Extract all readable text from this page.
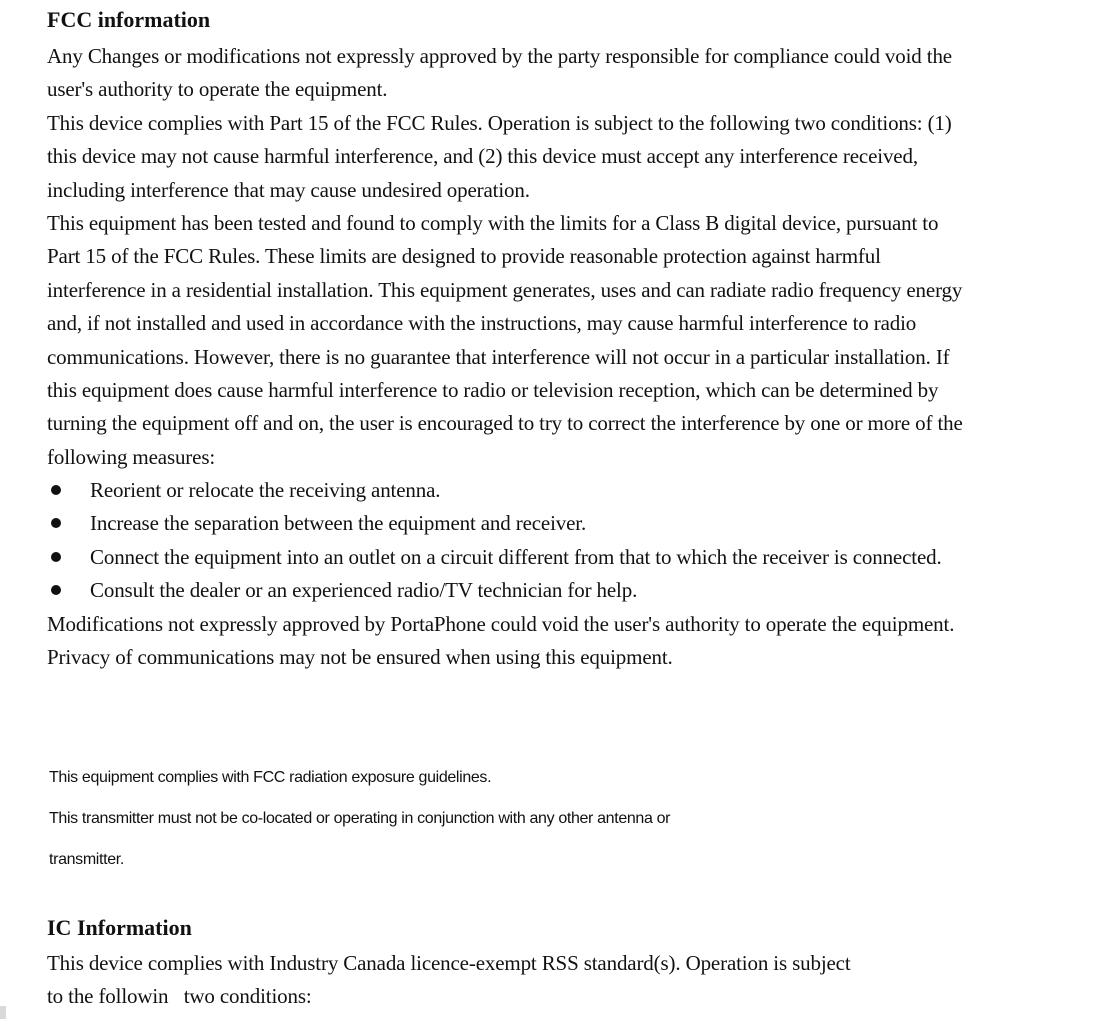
FCC information
Any Changes or modifications not expressly approved by the party responsible for compliance could void the
user's authority to operate the equipment.
This device complies with Part 15 of the FCC Rules. Operation is subject to the following two conditions: (1)
this device may not cause harmful interference, and (2) this device must accept any interference received,
including interference that may cause undesired operation.
This equipment has been tested and found to comply with the limits for a Class B digital device, pursuant to
Part 15 of the FCC Rules. These limits are designed to provide reasonable protection against harmful
interference in a residential installation. This equipment generates, uses and can radiate radio frequency energy
and, if not installed and used in accordance with the instructions, may cause harmful interference to radio
communications. However, there is no guarantee that interference will not occur in a particular installation. If
this equipment does cause harmful interference to radio or television reception, which can be determined by
turning the equipment off and on, the user is encouraged to try to correct the interference by one or more of the
following measures:
Reorient or relocate the receiving antenna.
Increase the separation between the equipment and receiver.
Connect the equipment into an outlet on a circuit different from that to which the receiver is connected.
Consult the dealer or an experienced radio/TV technician for help.
Modifications not expressly approved by PortaPhone could void the user's authority to operate the equipment.
Privacy of communications may not be ensured when using this equipment.
This equipment complies with FCC radiation exposure guidelines.
This transmitter must not be co-located or operating in conjunction with any other antenna or
transmitter.
IC Information
This device complies with Industry Canada licence-exempt RSS standard(s). Operation is subject
to the followin   two conditions:
